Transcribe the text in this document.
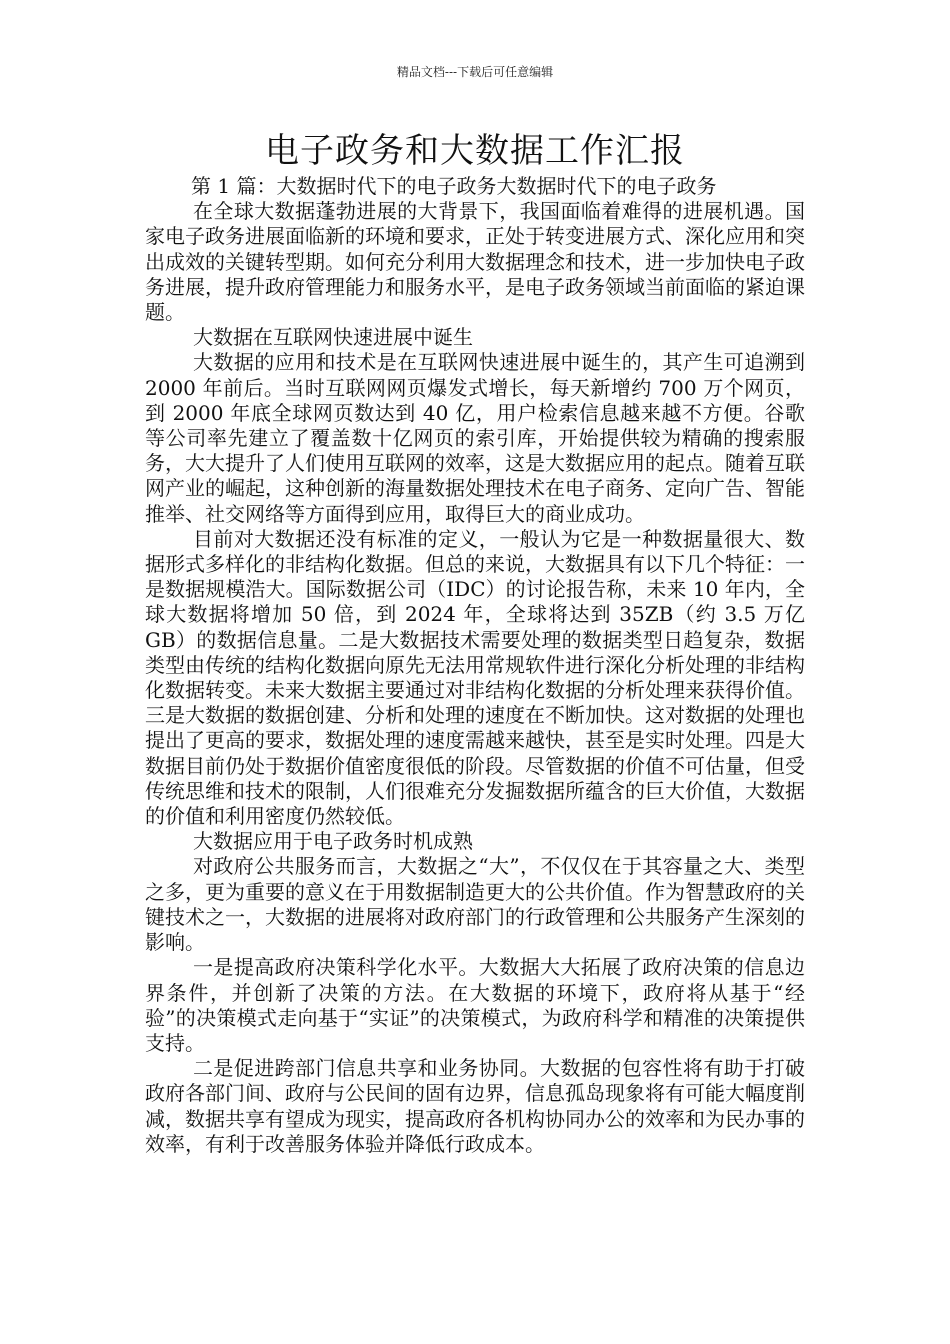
精品文档---下载后可任意编辑
电子政务和大数据工作汇报

第 1 篇：大数据时代下的电子政务大数据时代下的电子政务

在全球大数据蓬勃进展的大背景下，我国面临着难得的进展机遇。国家电子政务进展面临新的环境和要求，正处于转变进展方式、深化应用和突出成效的关键转型期。如何充分利用大数据理念和技术，进一步加快电子政务进展，提升政府管理能力和服务水平，是电子政务领域当前面临的紧迫课题。

大数据在互联网快速进展中诞生

大数据的应用和技术是在互联网快速进展中诞生的，其产生可追溯到 2000 年前后。当时互联网网页爆发式增长，每天新增约 700 万个网页，到 2000 年底全球网页数达到 40 亿，用户检索信息越来越不方便。谷歌等公司率先建立了覆盖数十亿网页的索引库，开始提供较为精确的搜索服务，大大提升了人们使用互联网的效率，这是大数据应用的起点。随着互联网产业的崛起，这种创新的海量数据处理技术在电子商务、定向广告、智能推举、社交网络等方面得到应用，取得巨大的商业成功。

目前对大数据还没有标准的定义，一般认为它是一种数据量很大、数据形式多样化的非结构化数据。但总的来说，大数据具有以下几个特征：一是数据规模浩大。国际数据公司（IDC）的讨论报告称，未来 10 年内，全球大数据将增加 50 倍，到 2024 年，全球将达到 35ZB（约 3.5 万亿 GB）的数据信息量。二是大数据技术需要处理的数据类型日趋复杂，数据类型由传统的结构化数据向原先无法用常规软件进行深化分析处理的非结构化数据转变。未来大数据主要通过对非结构化数据的分析处理来获得价值。三是大数据的数据创建、分析和处理的速度在不断加快。这对数据的处理也提出了更高的要求，数据处理的速度需越来越快，甚至是实时处理。四是大数据目前仍处于数据价值密度很低的阶段。尽管数据的价值不可估量，但受传统思维和技术的限制，人们很难充分发掘数据所蕴含的巨大价值，大数据的价值和利用密度仍然较低。

大数据应用于电子政务时机成熟

对政府公共服务而言，大数据之“大”，不仅仅在于其容量之大、类型之多，更为重要的意义在于用数据制造更大的公共价值。作为智慧政府的关键技术之一，大数据的进展将对政府部门的行政管理和公共服务产生深刻的影响。

一是提高政府决策科学化水平。大数据大大拓展了政府决策的信息边界条件，并创新了决策的方法。在大数据的环境下，政府将从基于“经验”的决策模式走向基于“实证”的决策模式，为政府科学和精准的决策提供支持。

二是促进跨部门信息共享和业务协同。大数据的包容性将有助于打破政府各部门间、政府与公民间的固有边界，信息孤岛现象将有可能大幅度削减，数据共享有望成为现实，提高政府各机构协同办公的效率和为民办事的效率，有利于改善服务体验并降低行政成本。
